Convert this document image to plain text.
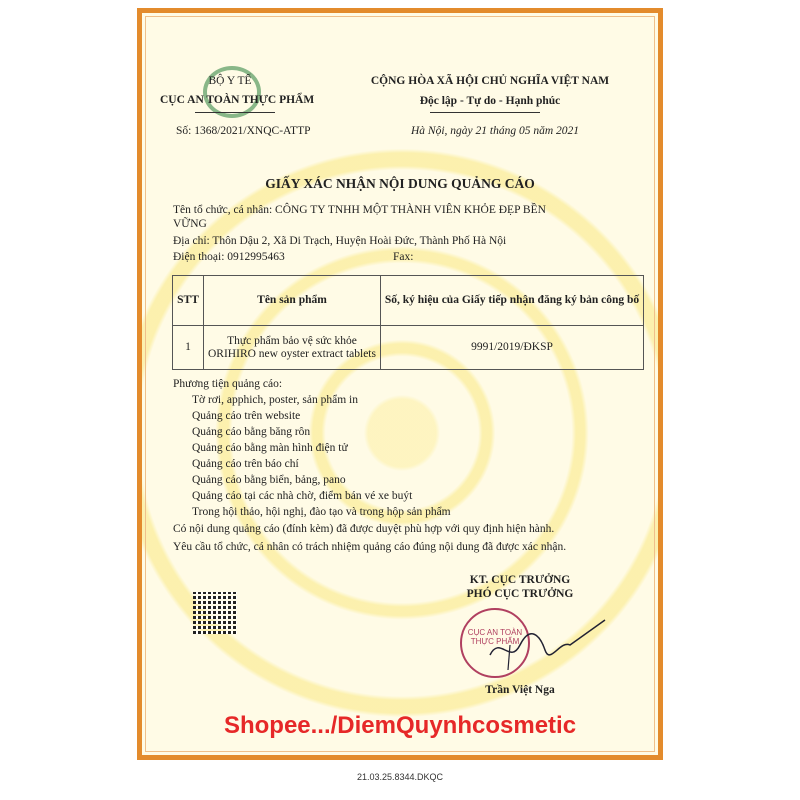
BỘ Y TẾ
CỤC AN TOÀN THỰC PHẨM
Số: 1368/2021/XNQC-ATTP
CỘNG HÒA XÃ HỘI CHỦ NGHĨA VIỆT NAM
Độc lập - Tự do - Hạnh phúc
Hà Nội, ngày 21 tháng 05 năm 2021
GIẤY XÁC NHẬN NỘI DUNG QUẢNG CÁO
Tên tổ chức, cá nhân: CÔNG TY TNHH MỘT THÀNH VIÊN KHỎE ĐẸP BỀN
VỮNG
Địa chỉ: Thôn Dậu 2, Xã Di Trạch, Huyện Hoài Đức, Thành Phố Hà Nội
Điện thoại: 0912995463	Fax:
STT	Tên sản phẩm	Số, ký hiệu của Giấy tiếp nhận đăng ký bản công bố
1	Thực phẩm bảo vệ sức khỏe ORIHIRO new oyster extract tablets	9991/2019/ĐKSP
Phương tiện quảng cáo:
Tờ rơi, apphich, poster, sản phẩm in
Quảng cáo trên website
Quảng cáo bằng băng rôn
Quảng cáo bằng màn hình điện tử
Quảng cáo trên báo chí
Quảng cáo bằng biển, bảng, pano
Quảng cáo tại các nhà chờ, điểm bán vé xe buýt
Trong hội thảo, hội nghị, đào tạo và trong hộp sản phẩm
Có nội dung quảng cáo (đính kèm) đã được duyệt phù hợp với quy định hiện hành.
Yêu cầu tổ chức, cá nhân có trách nhiệm quảng cáo đúng nội dung đã được xác nhận.
KT. CỤC TRƯỞNG
PHÓ CỤC TRƯỞNG
CỤC AN TOÀN THỰC PHẨM
Trần Việt Nga
Shopee.../DiemQuynhcosmetic
21.03.25.8344.DKQC
